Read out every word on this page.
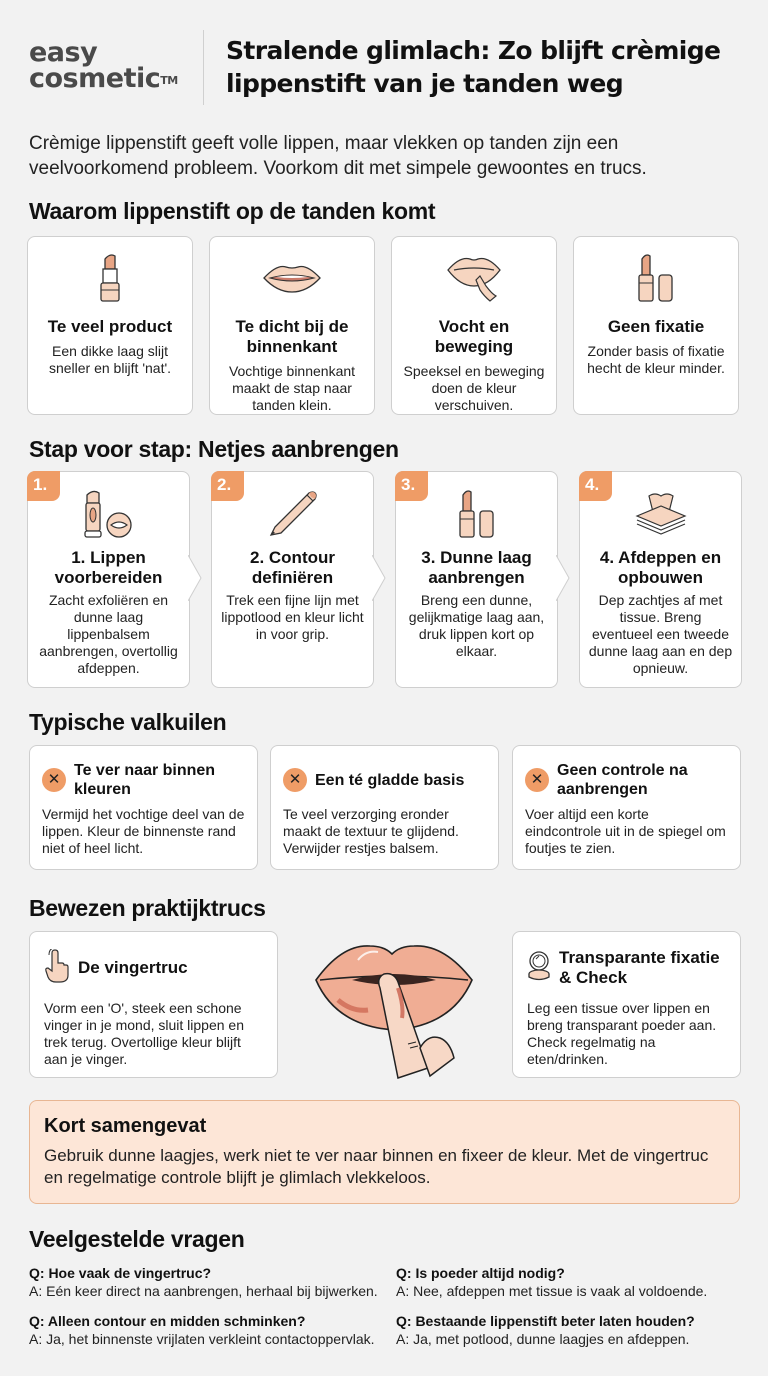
easy
cosmetic™
Stralende glimlach: Zo blijft crèmige lippenstift van je tanden weg

Crèmige lippenstift geeft volle lippen, maar vlekken op tanden zijn een veelvoorkomend probleem. Voorkom dit met simpele gewoontes en trucs.

Waarom lippenstift op de tanden komt
Te veel product

Een dikke laag slijt sneller en blijft 'nat'.

Te dicht bij de binnenkant

Vochtige binnenkant maakt de stap naar tanden klein.

Vocht en beweging

Speeksel en beweging doen de kleur verschuiven.

Geen fixatie

Zonder basis of fixatie hecht de kleur minder.

Stap voor stap: Netjes aanbrengen
1.
1. Lippen voorbereiden

Zacht exfoliëren en dunne laag lippenbalsem aanbrengen, overtollig afdeppen.

2.
2. Contour definiëren

Trek een fijne lijn met lippotlood en kleur licht in voor grip.

3.
3. Dunne laag aanbrengen

Breng een dunne, gelijkmatige laag aan, druk lippen kort op elkaar.

4.
4. Afdeppen en opbouwen

Dep zachtjes af met tissue. Breng eventueel een tweede dunne laag aan en dep opnieuw.

Typische valkuilen
✕
Te ver naar binnen kleuren

Vermijd het vochtige deel van de lippen. Kleur de binnenste rand niet of heel licht.

✕ Een té gladde basis

Te veel verzorging eronder maakt de textuur te glijdend. Verwijder restjes balsem.

✕
Geen controle na aanbrengen

Voer altijd een korte eindcontrole uit in de spiegel om foutjes te zien.

Bewezen praktijktrucs
De vingertruc

Vorm een 'O', steek een schone vinger in je mond, sluit lippen en trek terug. Overtollige kleur blijft aan je vinger.

Transparante fixatie & Check

Leg een tissue over lippen en breng transparant poeder aan. Check regelmatig na eten/drinken.

Kort samengevat

Gebruik dunne laagjes, werk niet te ver naar binnen en fixeer de kleur. Met de vingertruc en regelmatige controle blijft je glimlach vlekkeloos.

Veelgestelde vragen
Q: Hoe vaak de vingertruc?
A: Eén keer direct na aanbrengen, herhaal bij bijwerken.
Q: Is poeder altijd nodig?
A: Nee, afdeppen met tissue is vaak al voldoende.
Q: Alleen contour en midden schminken?
A: Ja, het binnenste vrijlaten verkleint contactoppervlak.
Q: Bestaande lippenstift beter laten houden?
A: Ja, met potlood, dunne laagjes en afdeppen.
